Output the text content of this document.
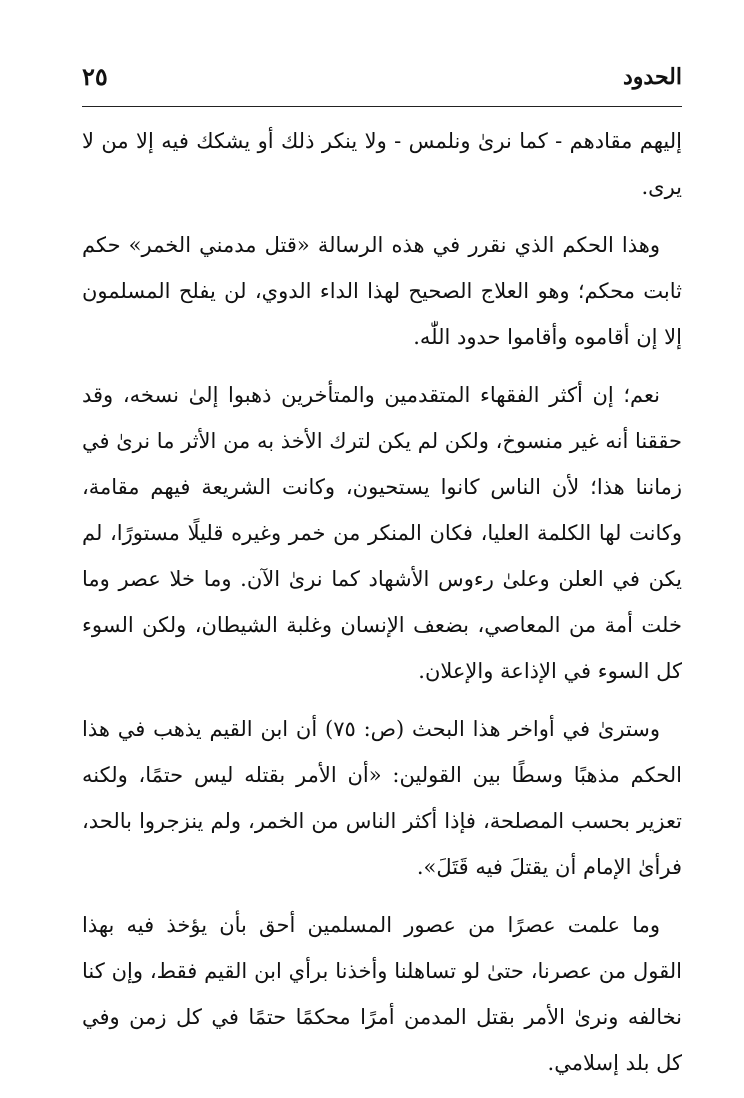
الحدود
٢٥

إليهم مقادهم - كما نرىٰ ونلمس - ولا ينكر ذلك أو يشكك فيه إلا من لا يرى.

وهذا الحكم الذي نقرر في هذه الرسالة «قتل مدمني الخمر» حكم ثابت محكم؛ وهو العلاج الصحيح لهذا الداء الدوي، لن يفلح المسلمون إلا إن أقاموه وأقاموا حدود اللّٰه.

نعم؛ إن أكثر الفقهاء المتقدمين والمتأخرين ذهبوا إلىٰ نسخه، وقد حققنا أنه غير منسوخ، ولكن لم يكن لترك الأخذ به من الأثر ما نرىٰ في زماننا هذا؛ لأن الناس كانوا يستحيون، وكانت الشريعة فيهم مقامة، وكانت لها الكلمة العليا، فكان المنكر من خمر وغيره قليلًا مستورًا، لم يكن في العلن وعلىٰ رءوس الأشهاد كما نرىٰ الآن. وما خلا عصر وما خلت أمة من المعاصي، بضعف الإنسان وغلبة الشيطان، ولكن السوء كل السوء في الإذاعة والإعلان.

وسترىٰ في أواخر هذا البحث (ص: ٧٥) أن ابن القيم يذهب في هذا الحكم مذهبًا وسطًا بين القولين: «أن الأمر بقتله ليس حتمًا، ولكنه تعزير بحسب المصلحة، فإذا أكثر الناس من الخمر، ولم ينزجروا بالحد، فرأىٰ الإمام أن يقتلَ فيه قَتَلَ».

وما علمت عصرًا من عصور المسلمين أحق بأن يؤخذ فيه بهذا القول من عصرنا، حتىٰ لو تساهلنا وأخذنا برأي ابن القيم فقط، وإن كنا نخالفه ونرىٰ الأمر بقتل المدمن أمرًا محكمًا حتمًا في كل زمن وفي كل بلد إسلامي.
